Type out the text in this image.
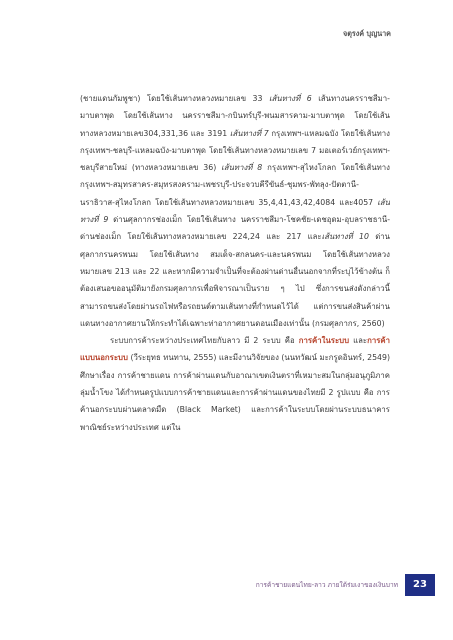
จตุรงค์ บุญนาค

(ชายแดนกัมพูชา) โดยใช้เส้นทางหลวงหมายเลข 33 เส้นทางที่ 6 เส้นทางนครราชสีมา-มาบตาพุด โดยใช้เส้นทาง นครราชสีมา-กบินทร์บุรี-พนมสารคาม-มาบตาพุด โดยใช้เส้นทางหลวงหมายเลข304,331,36 และ 3191 เส้นทางที่ 7 กรุงเทพฯ-แหลมฉบัง โดยใช้เส้นทางกรุงเทพฯ-ชลบุรี-แหลมฉบัง-มาบตาพุด โดยใช้เส้นทางหลวงหมายเลข 7 มอเตอร์เวย์กรุงเทพฯ-ชลบุรีสายใหม่ (ทางหลวงหมายเลข 36) เส้นทางที่ 8 กรุงเทพฯ-สุไหงโกลก โดยใช้เส้นทาง กรุงเทพฯ-สมุทรสาคร-สมุทรสงคราม-เพชรบุรี-ประจวบคีรีขันธ์-ชุมพร-พัทลุง-ปัตตานี-นราธิวาส-สุไหงโกลก โดยใช้เส้นทางหลวงหมายเลข 35,4,41,43,42,4084 และ4057 เส้นทางที่ 9 ด่านศุลกากรช่องเม็ก โดยใช้เส้นทาง นครราชสีมา-โชคชัย-เดชอุดม-อุบลราชธานี-ด่านช่องเม็ก โดยใช้เส้นทางหลวงหมายเลข 224,24 และ 217 และเส้นทางที่ 10 ด่านศุลกากรนครพนม โดยใช้เส้นทาง สมเด็จ-สกลนคร-และนครพนม โดยใช้เส้นทางหลวงหมายเลข 213 และ 22 และหากมีความจำเป็นที่จะต้องผ่านด่านอื่นนอกจากที่ระบุไว้ข้างต้น ก็ต้องเสนอขออนุมัติมายังกรมศุลกากรเพื่อพิจารณาเป็นราย ๆ ไป ซึ่งการขนส่งดังกล่าวนี้สามารถขนส่งโดยผ่านรถไฟหรือรถยนต์ตามเส้นทางที่กำหนดไว้ได้ แต่การขนส่งสินค้าผ่านแดนทางอากาศยานให้กระทำได้เฉพาะท่าอากาศยานดอนเมืองเท่านั้น (กรมศุลกากร, 2560)

ระบบการค้าระหว่างประเทศไทยกับลาว มี 2 ระบบ คือ การค้าในระบบ และการค้าแบบนอกระบบ (วีระยุทธ ทนทาน, 2555) และมีงานวิจัยของ (นนทวัฒน์ มะกรูดอินทร์, 2549) ศึกษาเรื่อง การค้าชายแดน การค้าผ่านแดนกับอาณาเขตเงินตราที่เหมาะสมในกลุ่มอนุภูมิภาคลุ่มน้ำโขง ได้กำหนดรูปแบบการค้าชายแดนและการค้าผ่านแดนของไทยมี 2 รูปแบบ คือ การค้านอกระบบผ่านตลาดมืด (Black Market) และการค้าในระบบโดยผ่านระบบธนาคารพาณิชย์ระหว่างประเทศ แต่ใน

การค้าชายแดนไทย-ลาว ภายใต้ร่มเงาของเงินบาท	23
